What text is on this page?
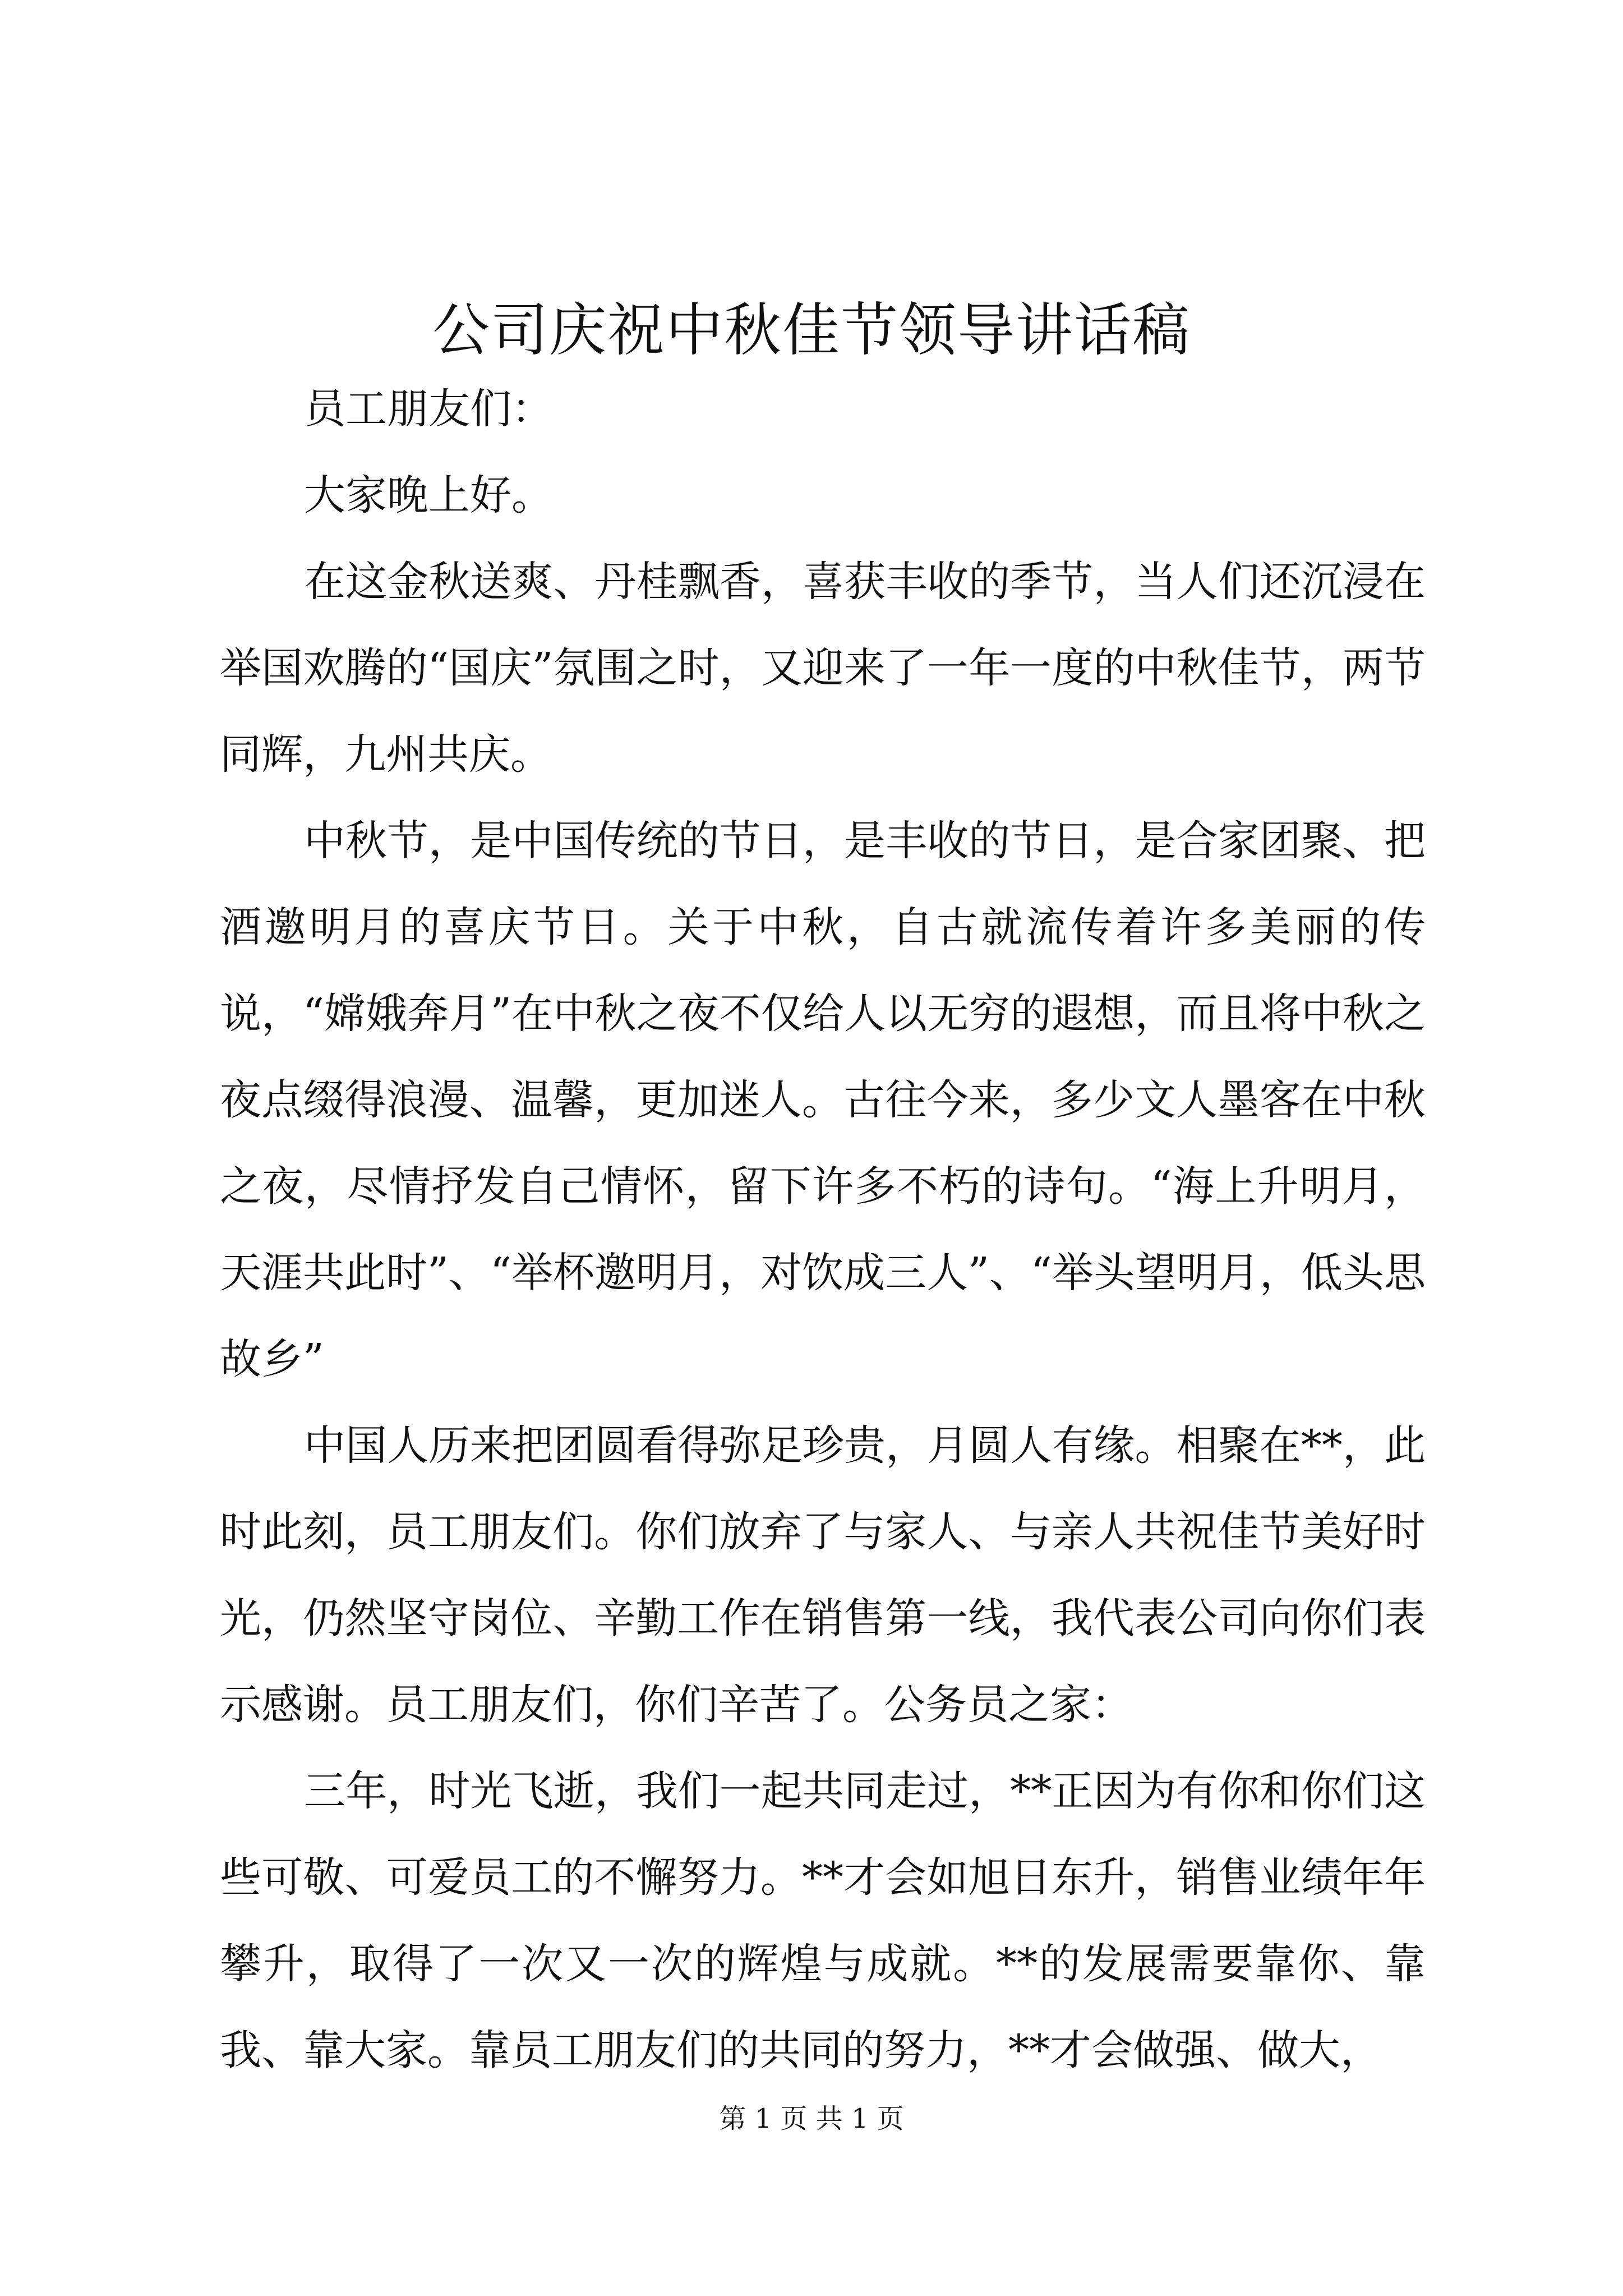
公司庆祝中秋佳节领导讲话稿

员工朋友们：

大家晚上好。

在这金秋送爽、丹桂飘香，喜获丰收的季节，当人们还沉浸在举国欢腾的“国庆”氛围之时，又迎来了一年一度的中秋佳节，两节同辉，九州共庆。

中秋节，是中国传统的节日，是丰收的节日，是合家团聚、把酒邀明月的喜庆节日。关于中秋，自古就流传着许多美丽的传说，“嫦娥奔月”在中秋之夜不仅给人以无穷的遐想，而且将中秋之夜点缀得浪漫、温馨，更加迷人。古往今来，多少文人墨客在中秋之夜，尽情抒发自己情怀，留下许多不朽的诗句。“海上升明月，天涯共此时”、“举杯邀明月，对饮成三人”、“举头望明月，低头思故乡”

中国人历来把团圆看得弥足珍贵，月圆人有缘。相聚在**，此时此刻，员工朋友们。你们放弃了与家人、与亲人共祝佳节美好时光，仍然坚守岗位、辛勤工作在销售第一线，我代表公司向你们表示感谢。员工朋友们，你们辛苦了。公务员之家：

三年，时光飞逝，我们一起共同走过，**正因为有你和你们这些可敬、可爱员工的不懈努力。**才会如旭日东升，销售业绩年年攀升，取得了一次又一次的辉煌与成就。**的发展需要靠你、靠我、靠大家。靠员工朋友们的共同的努力，**才会做强、做大，

第 1 页 共 1 页
